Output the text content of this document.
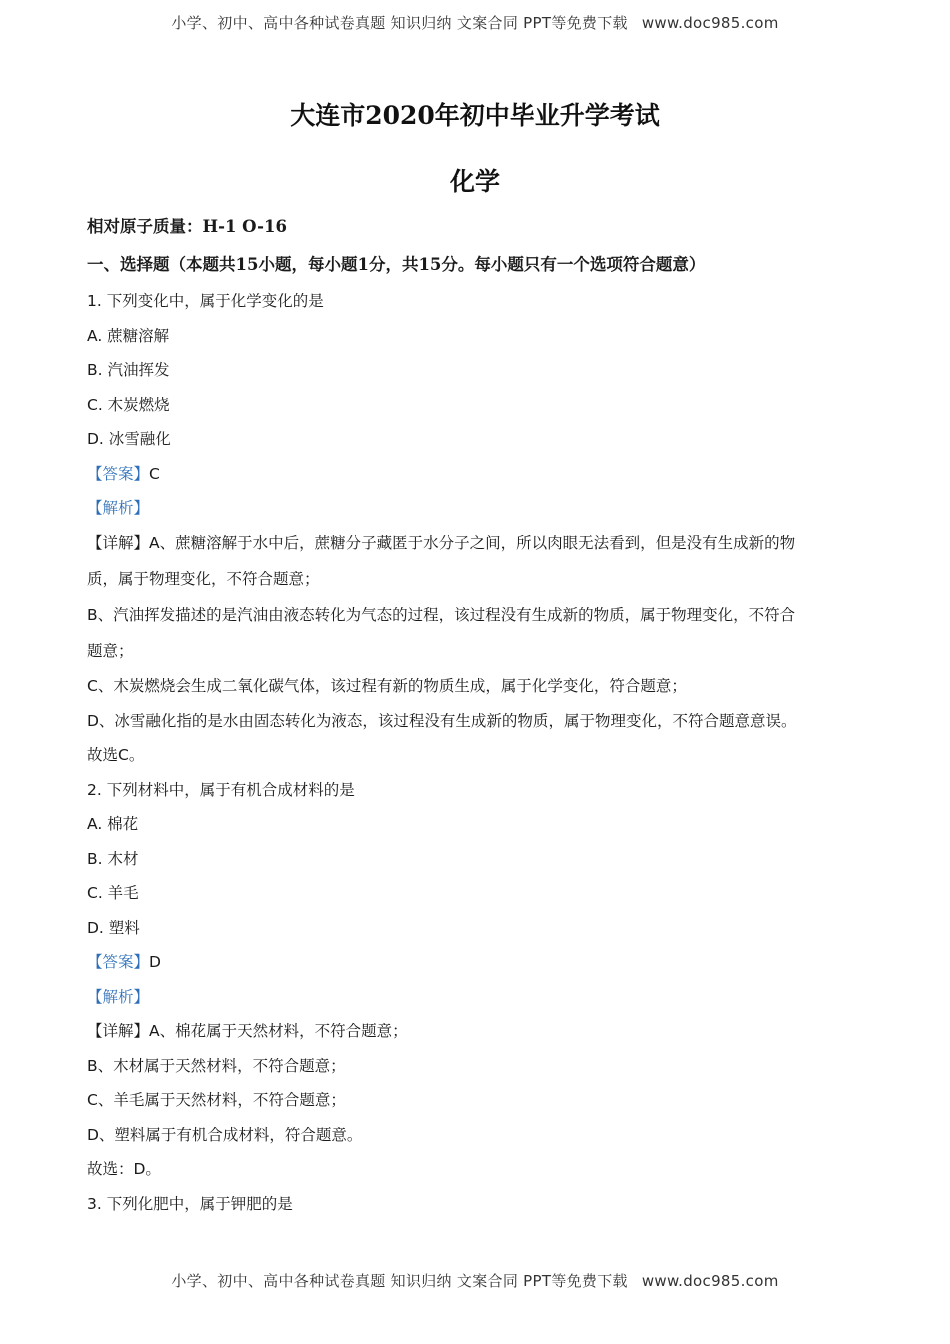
小学、初中、高中各种试卷真题 知识归纳 文案合同 PPT等免费下载 www.doc985.com
大连市2020年初中毕业升学考试
化学
相对原子质量：H-1 O-16
一、选择题（本题共15小题，每小题1分，共15分。每小题只有一个选项符合题意）
1. 下列变化中，属于化学变化的是
A. 蔗糖溶解
B. 汽油挥发
C. 木炭燃烧
D. 冰雪融化
【答案】C
【解析】
【详解】A、蔗糖溶解于水中后，蔗糖分子藏匿于水分子之间，所以肉眼无法看到，但是没有生成新的物
质，属于物理变化，不符合题意；
B、汽油挥发描述的是汽油由液态转化为气态的过程，该过程没有生成新的物质，属于物理变化，不符合
题意；
C、木炭燃烧会生成二氧化碳气体，该过程有新的物质生成，属于化学变化，符合题意；
D、冰雪融化指的是水由固态转化为液态，该过程没有生成新的物质，属于物理变化，不符合题意意误。
故选C。
2. 下列材料中，属于有机合成材料的是
A. 棉花
B. 木材
C. 羊毛
D. 塑料
【答案】D
【解析】
【详解】A、棉花属于天然材料，不符合题意；
B、木材属于天然材料，不符合题意；
C、羊毛属于天然材料，不符合题意；
D、塑料属于有机合成材料，符合题意。
故选：D。
3. 下列化肥中，属于钾肥的是
小学、初中、高中各种试卷真题 知识归纳 文案合同 PPT等免费下载 www.doc985.com
